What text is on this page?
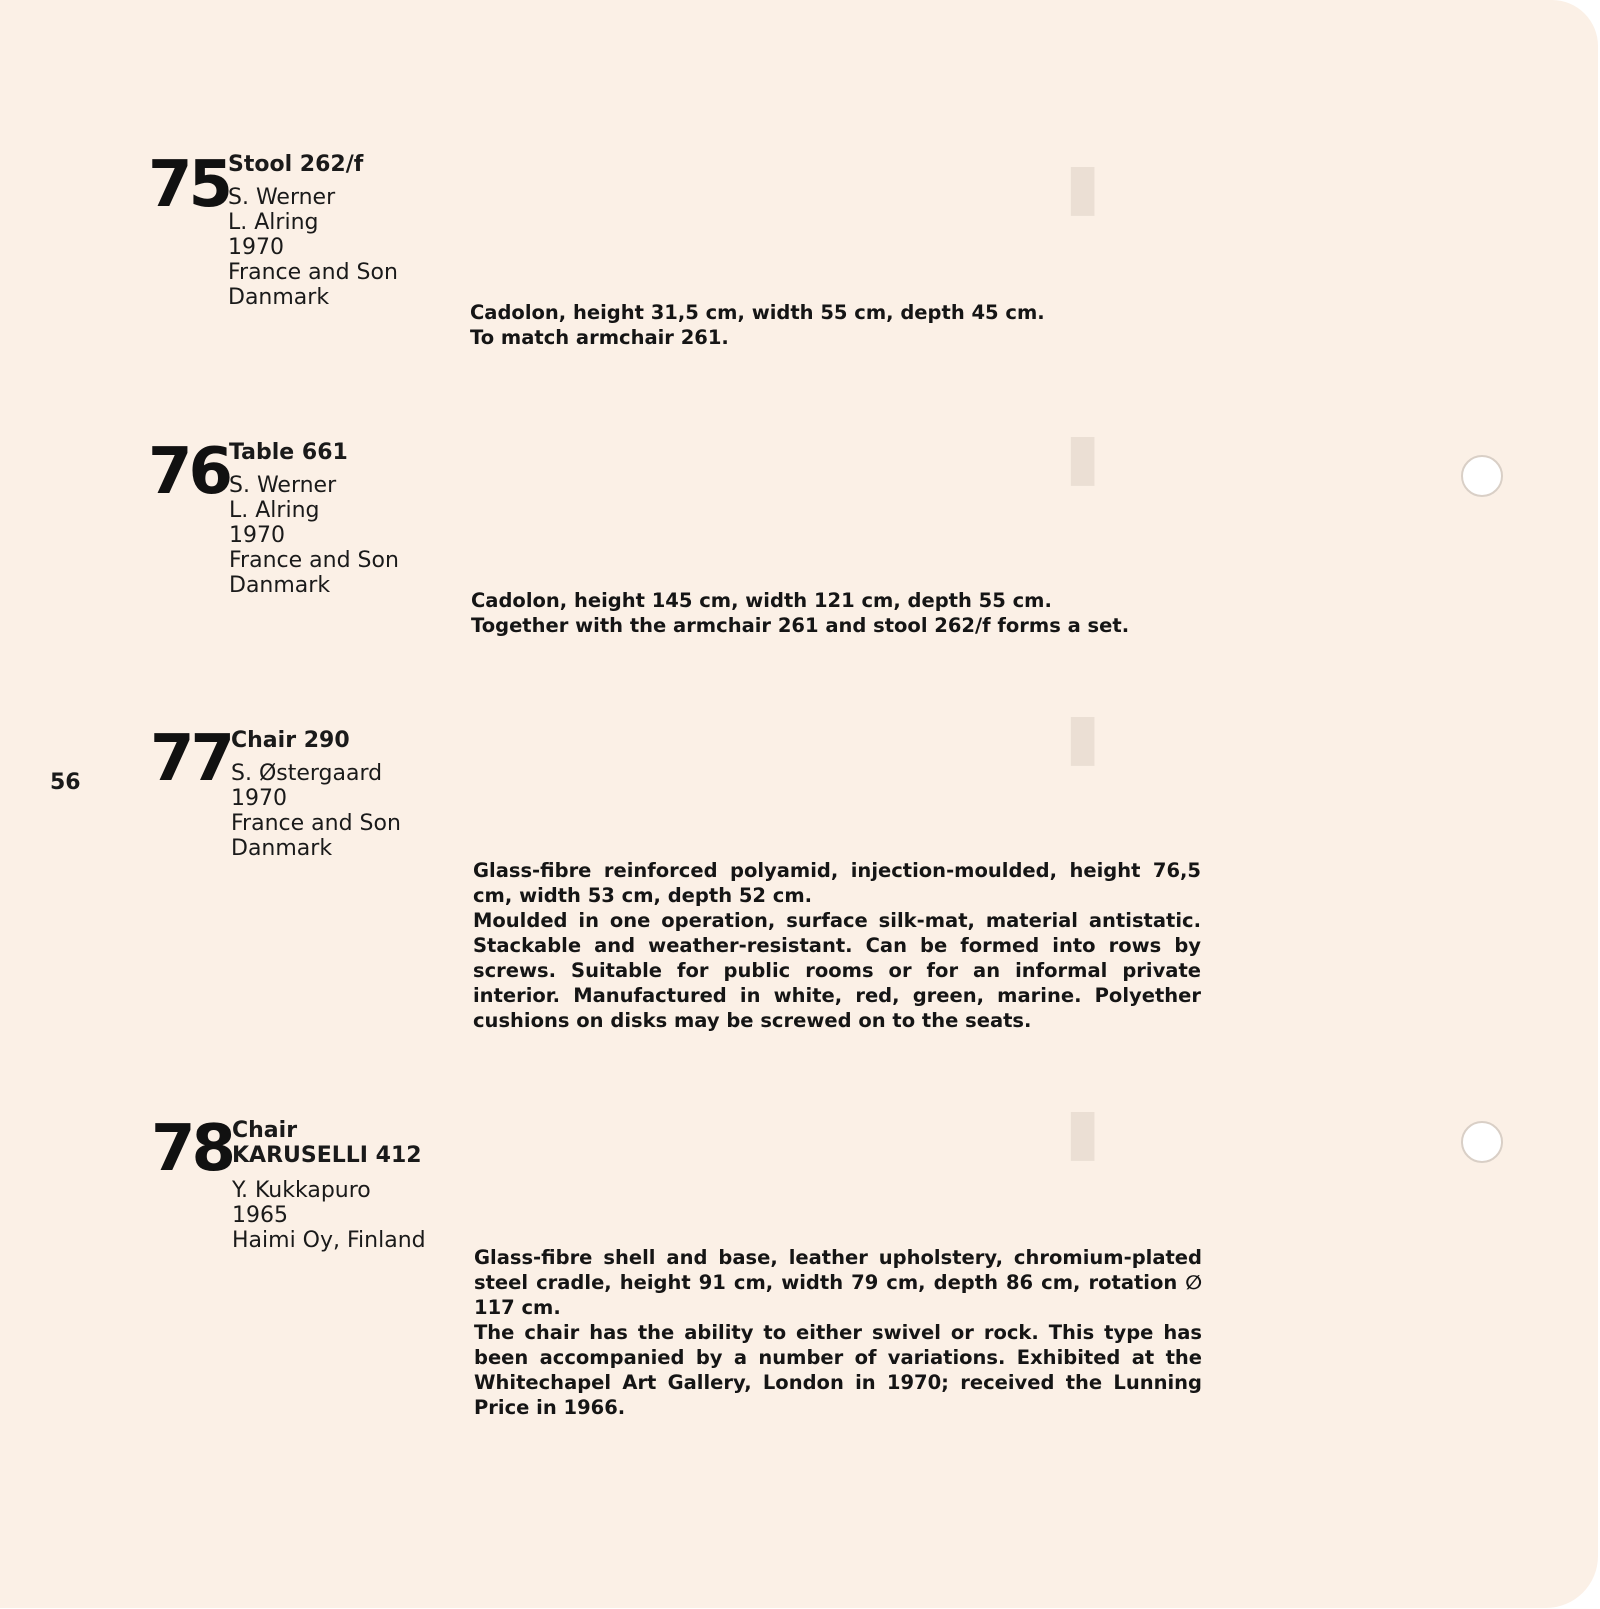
▮
▮
▮
▮
56
75
Stool 262/f
S. Werner
L. Alring
1970
France and Son
Danmark

Cadolon, height 31,5 cm, width 55 cm, depth 45 cm.

To match armchair 261.

76 Table 661
S. Werner
L. Alring
1970
France and Son
Danmark

Cadolon, height 145 cm, width 121 cm, depth 55 cm.

Together with the armchair 261 and stool 262/f forms a set.

77 Chair 290
S. Østergaard
1970
France and Son
Danmark

Glass-fibre reinforced polyamid, injection-moulded, height 76,5 cm, width 53 cm, depth 52 cm.

Moulded in one operation, surface silk-mat, material antistatic. Stackable and weather-resistant. Can be formed into rows by screws. Suitable for public rooms or for an informal private interior. Manufactured in white, red, green, marine. Polyether cushions on disks may be screwed on to the seats.

78 Chair
KARUSELLI 412
Y. Kukkapuro
1965
Haimi Oy, Finland

Glass-fibre shell and base, leather upholstery, chromium-plated steel cradle, height 91 cm, width 79 cm, depth 86 cm, rotation ∅ 117 cm.

The chair has the ability to either swivel or rock. This type has been accompanied by a number of variations. Exhibited at the Whitechapel Art Gallery, London in 1970; received the Lunning Price in 1966.
